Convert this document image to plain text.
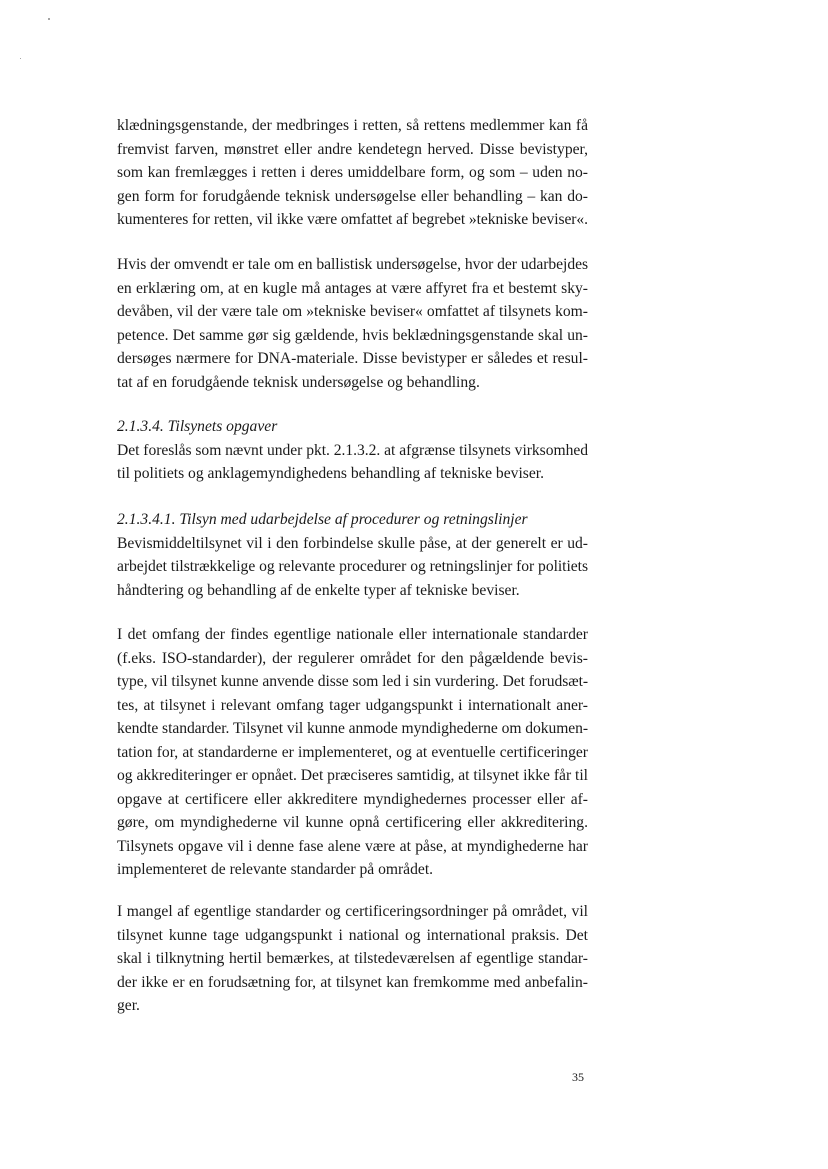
klædningsgenstande, der medbringes i retten, så rettens medlemmer kan få
fremvist farven, mønstret eller andre kendetegn herved. Disse bevistyper,
som kan fremlægges i retten i deres umiddelbare form, og som – uden no-
gen form for forudgående teknisk undersøgelse eller behandling – kan do-
kumenteres for retten, vil ikke være omfattet af begrebet »tekniske beviser«.
Hvis der omvendt er tale om en ballistisk undersøgelse, hvor der udarbejdes
en erklæring om, at en kugle må antages at være affyret fra et bestemt sky-
devåben, vil der være tale om »tekniske beviser« omfattet af tilsynets kom-
petence. Det samme gør sig gældende, hvis beklædningsgenstande skal un-
dersøges nærmere for DNA-materiale. Disse bevistyper er således et resul-
tat af en forudgående teknisk undersøgelse og behandling.
2.1.3.4. Tilsynets opgaver
Det foreslås som nævnt under pkt. 2.1.3.2. at afgrænse tilsynets virksomhed
til politiets og anklagemyndighedens behandling af tekniske beviser.
2.1.3.4.1. Tilsyn med udarbejdelse af procedurer og retningslinjer
Bevismiddeltilsynet vil i den forbindelse skulle påse, at der generelt er ud-
arbejdet tilstrækkelige og relevante procedurer og retningslinjer for politiets
håndtering og behandling af de enkelte typer af tekniske beviser.
I det omfang der findes egentlige nationale eller internationale standarder
(f.eks. ISO-standarder), der regulerer området for den pågældende bevis-
type, vil tilsynet kunne anvende disse som led i sin vurdering. Det forudsæt-
tes, at tilsynet i relevant omfang tager udgangspunkt i internationalt aner-
kendte standarder. Tilsynet vil kunne anmode myndighederne om dokumen-
tation for, at standarderne er implementeret, og at eventuelle certificeringer
og akkrediteringer er opnået. Det præciseres samtidig, at tilsynet ikke får til
opgave at certificere eller akkreditere myndighedernes processer eller af-
gøre, om myndighederne vil kunne opnå certificering eller akkreditering.
Tilsynets opgave vil i denne fase alene være at påse, at myndighederne har
implementeret de relevante standarder på området.
I mangel af egentlige standarder og certificeringsordninger på området, vil
tilsynet kunne tage udgangspunkt i national og international praksis. Det
skal i tilknytning hertil bemærkes, at tilstedeværelsen af egentlige standar-
der ikke er en forudsætning for, at tilsynet kan fremkomme med anbefalin-
ger.
35
